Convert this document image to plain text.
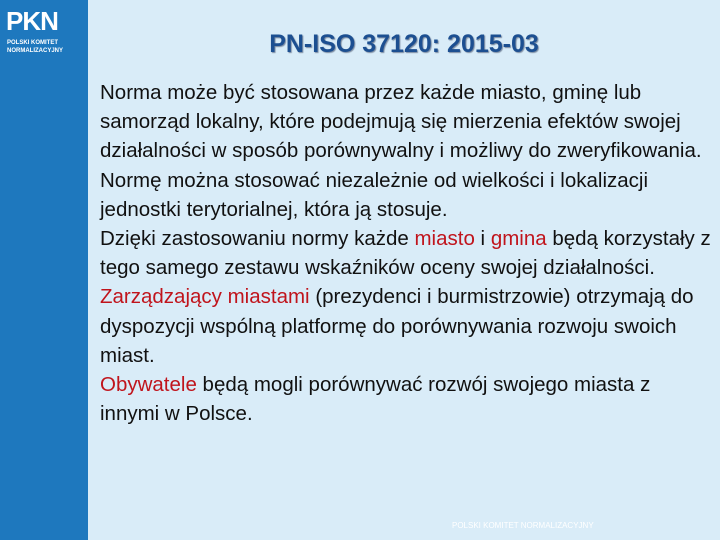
PKN
POLSKI KOMITET
NORMALIZACYJNY	PN-ISO 37120: 2015-03

Norma może być stosowana przez każde miasto, gminę lub samorząd lokalny, które podejmują się mierzenia efektów swojej działalności w sposób porównywalny i możliwy do zweryfikowania. Normę można stosować niezależnie od wielkości i lokalizacji jednostki terytorialnej, która ją stosuje.

Dzięki zastosowaniu normy każde miasto i gmina będą korzystały z tego samego zestawu wskaźników oceny swojej działalności.

Zarządzający miastami (prezydenci i burmistrzowie) otrzymają do dyspozycji wspólną platformę do porównywania rozwoju swoich miast.

Obywatele będą mogli porównywać rozwój swojego miasta z innymi w Polsce.

POLSKI KOMITET NORMALIZACYJNY
